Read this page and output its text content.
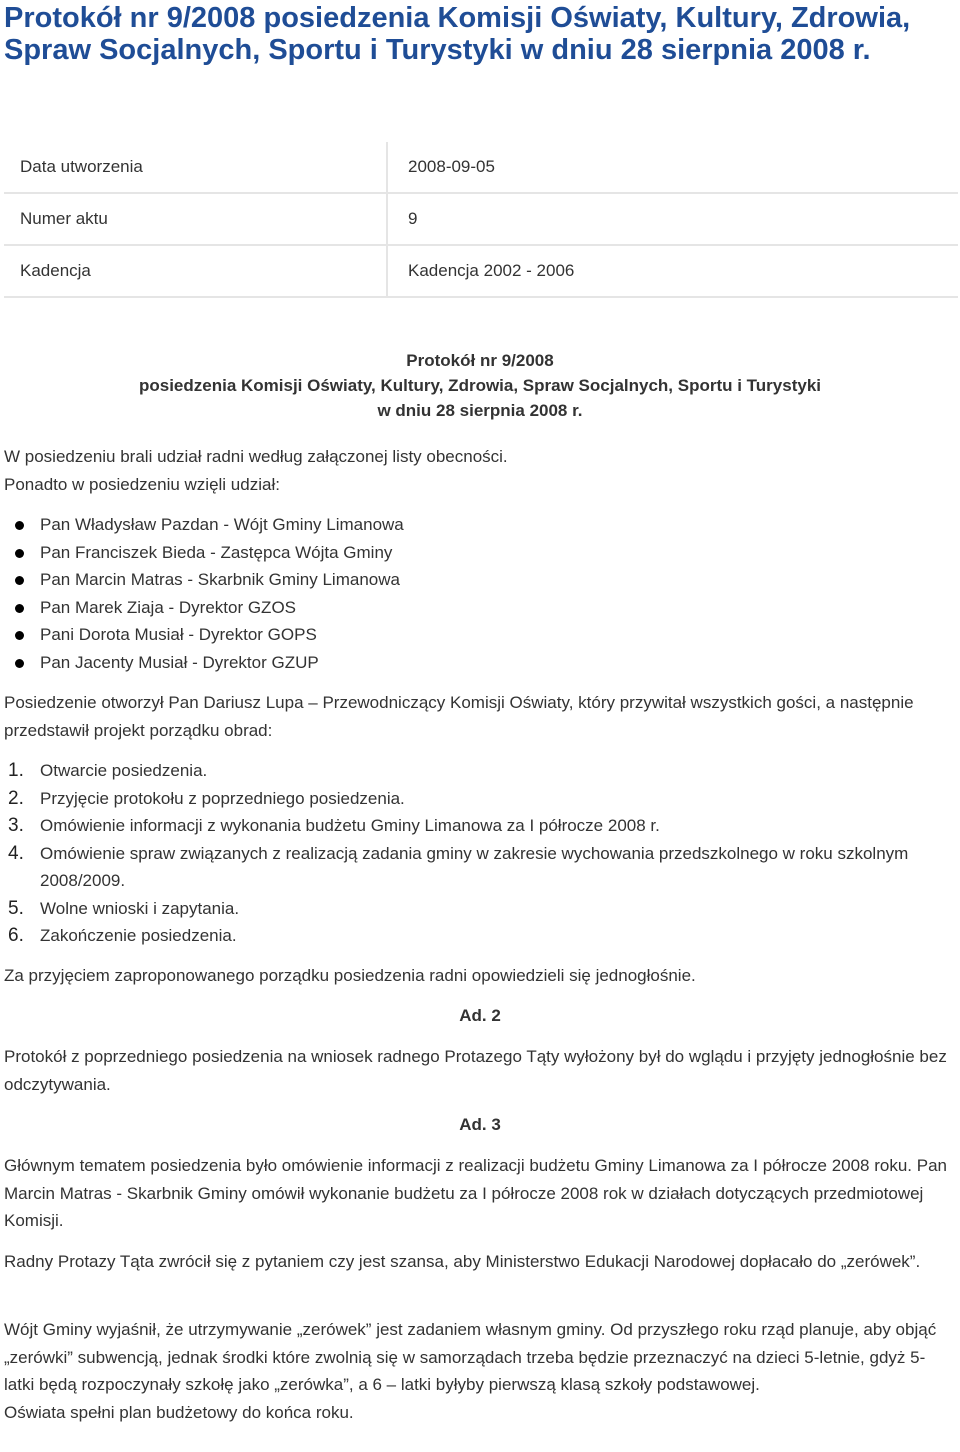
Protokół nr 9/2008 posiedzenia Komisji Oświaty, Kultury, Zdrowia, Spraw Socjalnych, Sportu i Turystyki w dniu 28 sierpnia 2008 r.
Data utworzenia	2008-09-05
Numer aktu	9
Kadencja	Kadencja 2002 - 2006
Protokół nr 9/2008
posiedzenia Komisji Oświaty, Kultury, Zdrowia, Spraw Socjalnych, Sportu i Turystyki
w dniu 28 sierpnia 2008 r.

W posiedzeniu brali udział radni według załączonej listy obecności.

Ponadto w posiedzeniu wzięli udział:

Pan Władysław Pazdan - Wójt Gminy Limanowa
Pan Franciszek Bieda - Zastępca Wójta Gminy
Pan Marcin Matras - Skarbnik Gminy Limanowa
Pan Marek Ziaja - Dyrektor GZOS
Pani Dorota Musiał - Dyrektor GOPS
Pan Jacenty Musiał - Dyrektor GZUP

Posiedzenie otworzył Pan Dariusz Lupa – Przewodniczący Komisji Oświaty, który przywitał wszystkich gości, a następnie przedstawił projekt porządku obrad:

1. Otwarcie posiedzenia.
2. Przyjęcie protokołu z poprzedniego posiedzenia.
3. Omówienie informacji z wykonania budżetu Gminy Limanowa za I półrocze 2008 r.
4. Omówienie spraw związanych z realizacją zadania gminy w zakresie wychowania przedszkolnego w roku szkolnym 2008/2009.
5. Wolne wnioski i zapytania.
6. Zakończenie posiedzenia.

Za przyjęciem zaproponowanego porządku posiedzenia radni opowiedzieli się jednogłośnie.

Ad. 2

Protokół z poprzedniego posiedzenia na wniosek radnego Protazego Tąty wyłożony był do wglądu i przyjęty jednogłośnie bez odczytywania.

Ad. 3

Głównym tematem posiedzenia było omówienie informacji z realizacji budżetu Gminy Limanowa za I półrocze 2008 roku. Pan Marcin Matras - Skarbnik Gminy omówił wykonanie budżetu za I półrocze 2008 rok w działach dotyczących przedmiotowej Komisji.

Radny Protazy Tąta zwrócił się z pytaniem czy jest szansa, aby Ministerstwo Edukacji Narodowej dopłacało do „zerówek”.

Wójt Gminy wyjaśnił, że utrzymywanie „zerówek” jest zadaniem własnym gminy. Od przyszłego roku rząd planuje, aby objąć „zerówki” subwencją, jednak środki które zwolnią się w samorządach trzeba będzie przeznaczyć na dzieci 5-letnie, gdyż 5-latki będą rozpoczynały szkołę jako „zerówka”, a 6 – latki byłyby pierwszą klasą szkoły podstawowej.

Oświata spełni plan budżetowy do końca roku.
